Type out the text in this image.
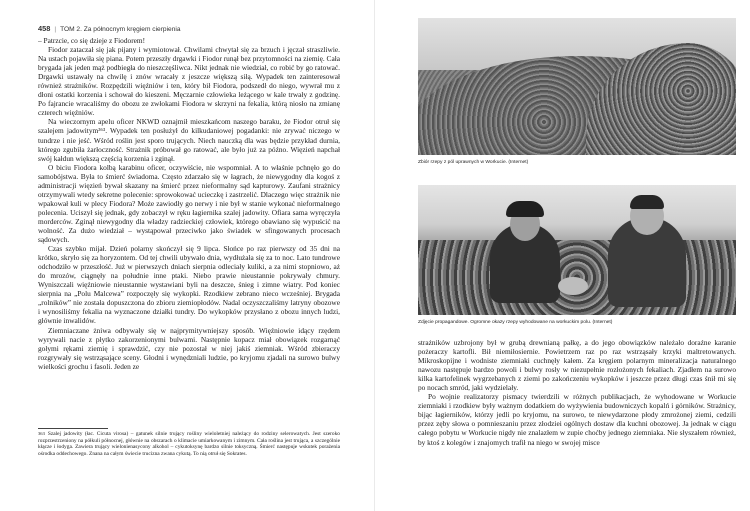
458 | TOM 2. Za północnym kręgiem cierpienia

– Patrzcie, co się dzieje z Fiodorem!

Fiodor zataczał się jak pijany i wymiotował. Chwilami chwytał się za brzuch i jęczał straszliwie. Na ustach pojawiła się piana. Potem przeszły drgawki i Fiodor runął bez przytomności na ziemię. Cała brygada jak jeden mąż podbiegła do nieszczęśliwca. Nikt jednak nie wiedział, co robić by go ratować. Drgawki ustawały na chwilę i znów wracały z jeszcze większą siłą. Wypadek ten zainteresował również strażników. Rozpędzili więźniów i ten, który bił Fiodora, podszedł do niego, wywrał mu z dłoni ostatki korzenia i schował do kieszeni. Męczarnie człowieka leżącego w kale trwały z godzinę. Po fajrancie wracaliśmy do obozu ze zwłokami Fiodora w skrzyni na fekalia, którą niosło na zmianę czterech więźniów.

Na wieczornym apelu oficer NKWD oznajmił mieszkańcom naszego baraku, że Fiodor otruł się szalejem jadowitym³⁶³. Wypadek ten posłużył do kilkudaniowej pogadanki: nie zrywać niczego w tundrze i nie jeść. Wśród roślin jest sporo trujących. Niech nauczką dla was będzie przykład durnia, którego zgubiła żarłoczność. Strażnik próbował go ratować, ale było już za późno. Więzień napchał swój kałdun większą częścią korzenia i zginął.

O biciu Fiodora kolbą karabinu oficer, oczywiście, nie wspomniał. A to właśnie pchnęło go do samobójstwa. Była to śmierć świadoma. Często zdarzało się w łagrach, że niewygodny dla kogoś z administracji więzień bywał skazany na śmierć przez nieformalny sąd kapturowy. Zaufani strażnicy otrzymywali wtedy sekretne polecenie: sprowokować ucieczkę i zastrzelić. Dlaczego więc strażnik nie wpakował kuli w plecy Fiodora? Może zawiodły go nerwy i nie był w stanie wykonać nieformalnego polecenia. Uciszył się jednak, gdy zobaczył w ręku łagiernika szalej jadowity. Ofiara sama wyręczyła morderców. Zginął niewygodny dla władzy radzieckiej człowiek, którego obawiano się wypuścić na wolność. Za dużo wiedział – wystąpował przeciwko jako świadek w sfingowanych procesach sądowych.

Czas szybko mijał. Dzień polarny skończył się 9 lipca. Słońce po raz pierwszy od 35 dni na krótko, skryło się za horyzontem. Od tej chwili ubywało dnia, wydłużała się za to noc. Lato tundrowe odchodziło w przeszłość. Już w pierwszych dniach sierpnia odleciały kuliki, a za nimi stopniowo, aż do mrozów, ciągnęły na południe inne ptaki. Niebo prawie nieustannie pokrywały chmury. Wyniszczali więźniowie nieustannie wystawiani byli na deszcze, śnieg i zimne wiatry. Pod koniec sierpnia na „Polu Malcewa” rozpoczęły się wykopki. Rzodkiew zebrano nieco wcześniej. Brygada „rolników” nie została dopuszczona do zbioru ziemiopłodów. Nadal oczyszczaliśmy latryny obozowe i wynosiliśmy fekalia na wyznaczone działki tundry. Do wykopków przysłano z obozu innych ludzi, głównie inwalidów.

Ziemniaczane żniwa odbywały się w najprymitywniejszy sposób. Więźniowie idący rzędem wyrywali nacie z płytko zakorzenionymi bulwami. Następnie kopacz miał obowiązek rozgarnąć gołymi rękami ziemię i sprawdzić, czy nie pozostał w niej jakiś ziemniak. Wśród zbieraczy rozgrywały się wstrząsające sceny. Głodni i wynędzniali ludzie, po kryjomu zjadali na surowo bulwy wielkości grochu i fasoli. Jeden ze

363 Szalej jadowity (łac. Cicuta virosa) – gatunek silnie trujący rośliny wieloletniej należący do rodziny selerowatych. Jest szeroko rozprzestrzeniony na półkuli północnej, głównie na obszarach o klimacie umiarkowanym i zimnym. Cała roślina jest trująca, a szczególnie kłącze i łodyga. Zawiera trujący wielonienasycony alkohol – cykutoksynę bardzo silnie toksyczną. Śmierć następuje wskutek porażenia ośrodka oddechowego. Znana na całym świecie trucizna zwana cykutą. To nią otruł się Sokrates.
Zbiór rzepy z pól uprawnych w Workucie. (Internet)
Zdjęcie propagandowe. Ogromne okazy rzepy wyhodowane na workuckim polu. (Internet)

strażników uzbrojony był w grubą drewnianą pałkę, a do jego obowiązków należało doraźne karanie pożeraczy kartofli. Bił niemiłosiernie. Powietrzem raz po raz wstrząsały krzyki maltretowanych. Mikroskopijne i wodniste ziemniaki cuchnęły kałem. Za kręgiem polarnym mineralizacja naturalnego nawozu następuje bardzo powoli i bulwy rosły w niezupełnie rozłożonych fekaliach. Zjadłem na surowo kilka kartofelinek wygrzebanych z ziemi po zakończeniu wykopków i jeszcze przez długi czas śnił mi się po nocach smród, jaki wydzielały.

Po wojnie realizatorzy pismacy twierdzili w różnych publikacjach, że wyhodowane w Workucie ziemniaki i rzodkiew były ważnym dodatkiem do wyżywienia budowniczych kopalń i górników. Strażnicy, bijąc łagierników, którzy jedli po kryjomu, na surowo, te niewydarzone płody zmrożonej ziemi, cedzili przez zęby słowa o pomnieszaniu przez złodziei ogólnych dostaw dla kuchni obozowej. Ja jednak w ciągu całego pobytu w Workucie nigdy nie znalazłem w zupie choćby jednego ziemniaka. Nie słyszałem również, by ktoś z kolegów i znajomych trafił na niego w swojej misce
